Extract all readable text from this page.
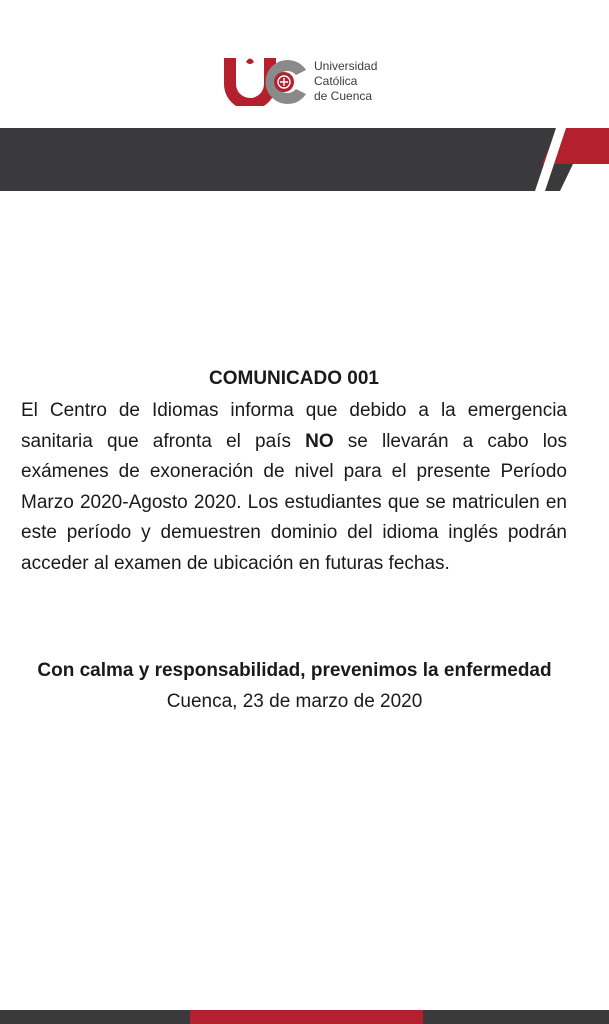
Universidad
Católica
de Cuenca
COMUNICADO 001

El Centro de Idiomas informa que debido a la emergencia sanitaria que afronta el país NO se llevarán a cabo los exámenes de exoneración de nivel para el presente Período Marzo 2020-Agosto 2020. Los estudiantes que se matriculen en este período y demuestren dominio del idioma inglés podrán acceder al examen de ubicación en futuras fechas.

Con calma y responsabilidad, prevenimos la enfermedad
Cuenca, 23 de marzo de 2020
